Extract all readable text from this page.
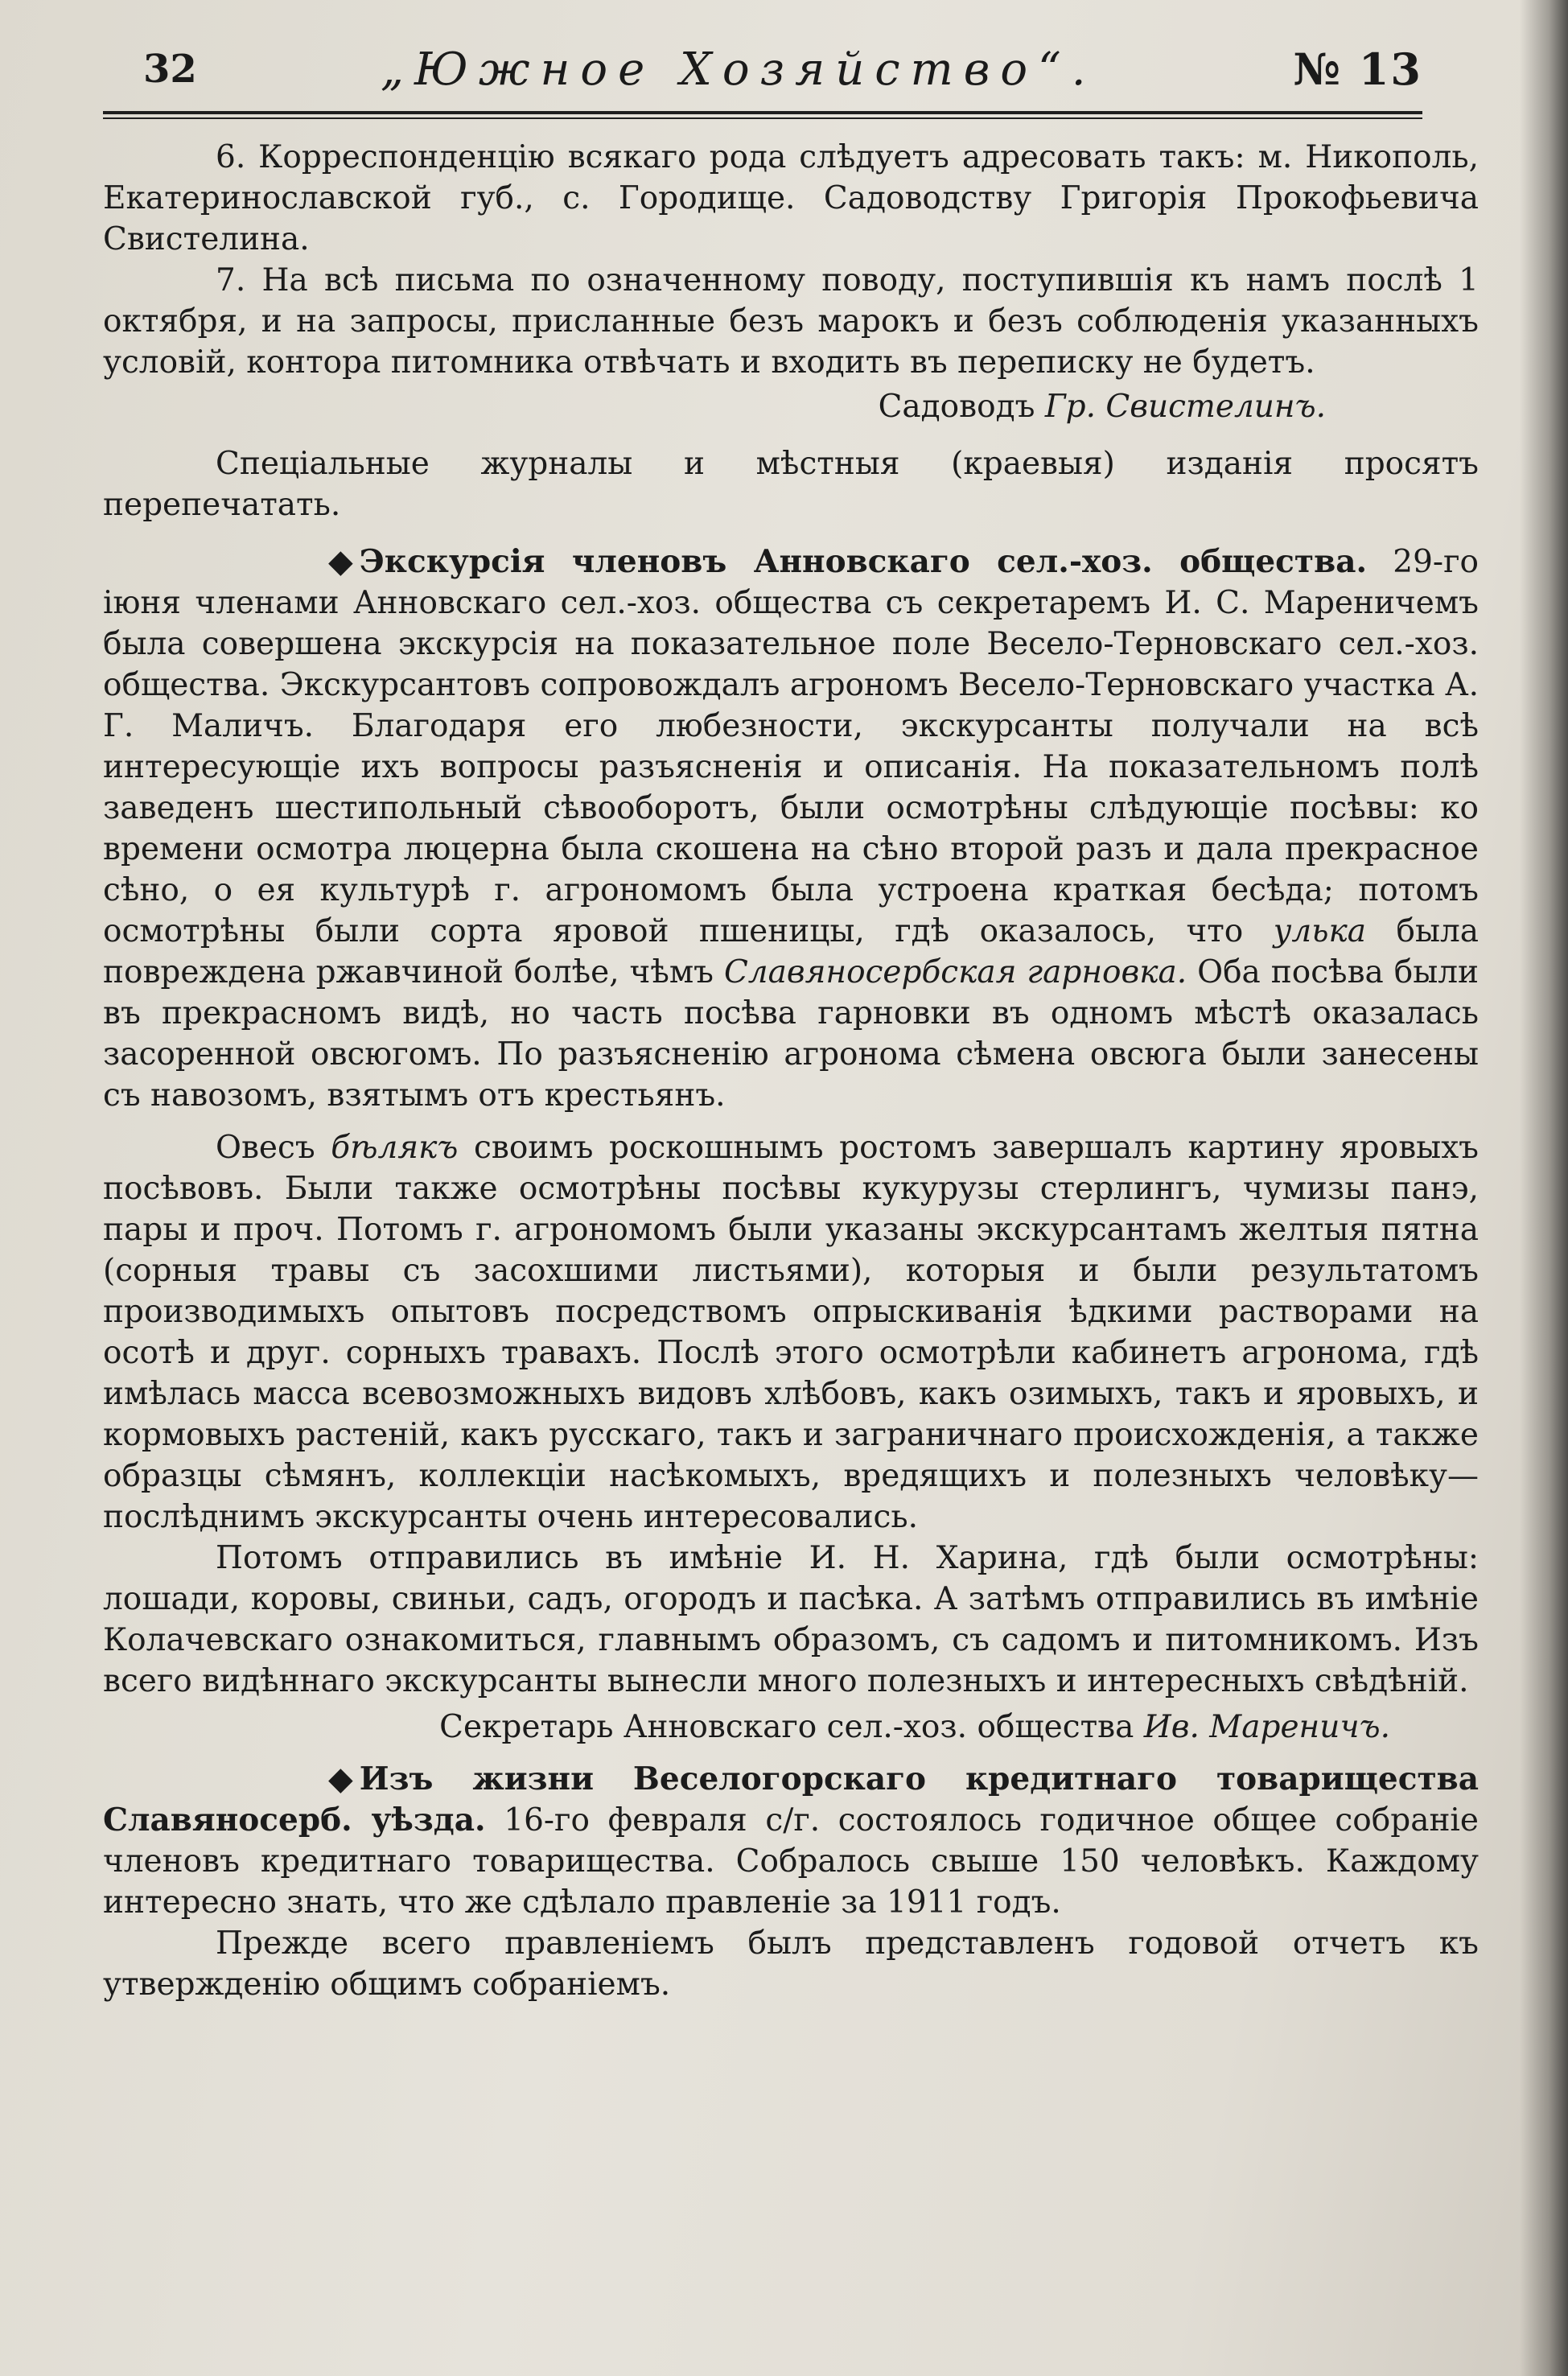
32	„Южное Хозяйство“.	№ 13

6. Корреспонденцію всякаго рода слѣдуетъ адресовать такъ: м. Никополь, Екатеринославской губ., с. Городище. Садоводству Григорія Прокофьевича Свистелина.

7. На всѣ письма по означенному поводу, поступившія къ намъ послѣ 1 октября, и на запросы, присланные безъ марокъ и безъ соблюденія указанныхъ условій, контора питомника отвѣчать и входить въ переписку не будетъ.

Садоводъ Гр. Свистелинъ.

Спеціальные журналы и мѣстныя (краевыя) изданія просятъ перепечатать.

◆ Экскурсія членовъ Анновскаго сел.-хоз. общества. 29-го іюня членами Анновскаго сел.-хоз. общества съ секретаремъ И. С. Мареничемъ была совершена экскурсія на показательное поле Весело-Терновскаго сел.-хоз. общества. Экскурсантовъ сопровождалъ агрономъ Весело-Терновскаго участка А. Г. Маличъ. Благодаря его любезности, экскурсанты получали на всѣ интересующіе ихъ вопросы разъясненія и описанія. На показательномъ полѣ заведенъ шестипольный сѣвооборотъ, были осмотрѣны слѣдующіе посѣвы: ко времени осмотра люцерна была скошена на сѣно второй разъ и дала прекрасное сѣно, о ея культурѣ г. агрономомъ была устроена краткая бесѣда; потомъ осмотрѣны были сорта яровой пшеницы, гдѣ оказалось, что улька была повреждена ржавчиной болѣе, чѣмъ Славяносербская гарновка. Оба посѣва были въ прекрасномъ видѣ, но часть посѣва гарновки въ одномъ мѣстѣ оказалась засоренной овсюгомъ. По разъясненію агронома сѣмена овсюга были занесены съ навозомъ, взятымъ отъ крестьянъ.

Овесъ бѣлякъ своимъ роскошнымъ ростомъ завершалъ картину яровыхъ посѣвовъ. Были также осмотрѣны посѣвы кукурузы стерлингъ, чумизы панэ, пары и проч. Потомъ г. агрономомъ были указаны экскурсантамъ желтыя пятна (сорныя травы съ засохшими листьями), которыя и были результатомъ производимыхъ опытовъ посредствомъ опрыскиванія ѣдкими растворами на осотѣ и друг. сорныхъ травахъ. Послѣ этого осмотрѣли кабинетъ агронома, гдѣ имѣлась масса всевозможныхъ видовъ хлѣбовъ, какъ озимыхъ, такъ и яровыхъ, и кормовыхъ растеній, какъ русскаго, такъ и заграничнаго происхожденія, а также образцы сѣмянъ, коллекціи насѣкомыхъ, вредящихъ и полезныхъ человѣку—послѣднимъ экскурсанты очень интересовались.

Потомъ отправились въ имѣніе И. Н. Харина, гдѣ были осмотрѣны: лошади, коровы, свиньи, садъ, огородъ и пасѣка. А затѣмъ отправились въ имѣніе Колачевскаго ознакомиться, главнымъ образомъ, съ садомъ и питомникомъ. Изъ всего видѣннаго экскурсанты вынесли много полезныхъ и интересныхъ свѣдѣній.

Секретарь Анновскаго сел.-хоз. общества Ив. Мареничъ.

◆ Изъ жизни Веселогорскаго кредитнаго товарищества Славяносерб. уѣзда. 16-го февраля с/г. состоялось годичное общее собраніе членовъ кредитнаго товарищества. Собралось свыше 150 человѣкъ. Каждому интересно знать, что же сдѣлало правленіе за 1911 годъ.

Прежде всего правленіемъ былъ представленъ годовой отчетъ къ утвержденію общимъ собраніемъ.
